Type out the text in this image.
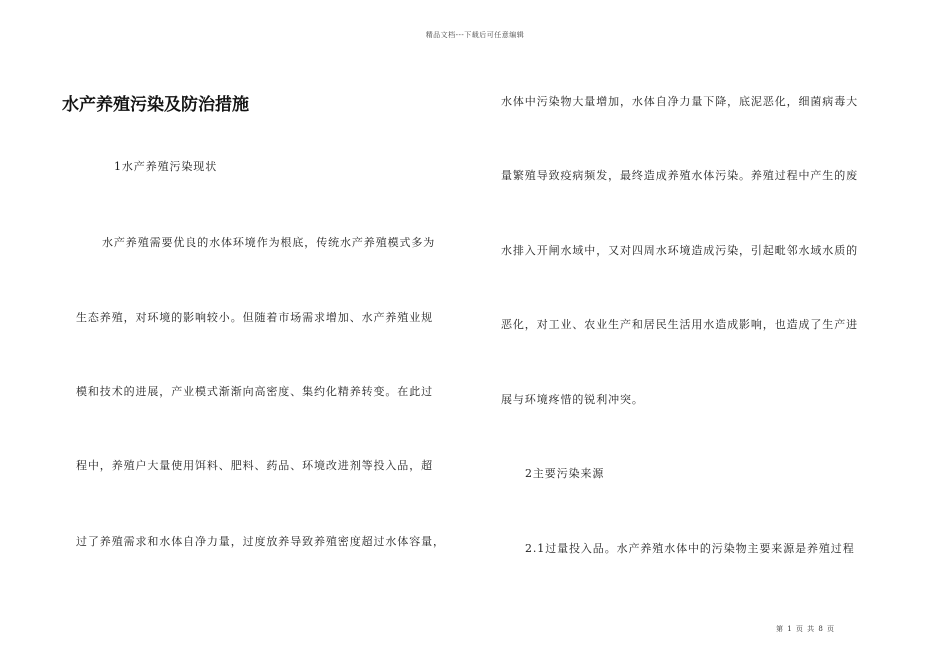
精品文档---下载后可任意编辑
水产养殖污染及防治措施
1水产养殖污染现状
水产养殖需要优良的水体环境作为根底，传统水产养殖模式多为
生态养殖，对环境的影响较小。但随着市场需求增加、水产养殖业规
模和技术的进展，产业模式渐渐向高密度、集约化精养转变。在此过
程中，养殖户大量使用饵料、肥料、药品、环境改进剂等投入品，超
过了养殖需求和水体自净力量，过度放养导致养殖密度超过水体容量，
水体中污染物大量增加，水体自净力量下降，底泥恶化，细菌病毒大
量繁殖导致疫病频发，最终造成养殖水体污染。养殖过程中产生的废
水排入开闸水域中，又对四周水环境造成污染，引起毗邻水域水质的
恶化，对工业、农业生产和居民生活用水造成影响，也造成了生产进
展与环境疼惜的锐利冲突。
2主要污染来源
2.1过量投入品。水产养殖水体中的污染物主要来源是养殖过程
第 1 页 共 8 页
